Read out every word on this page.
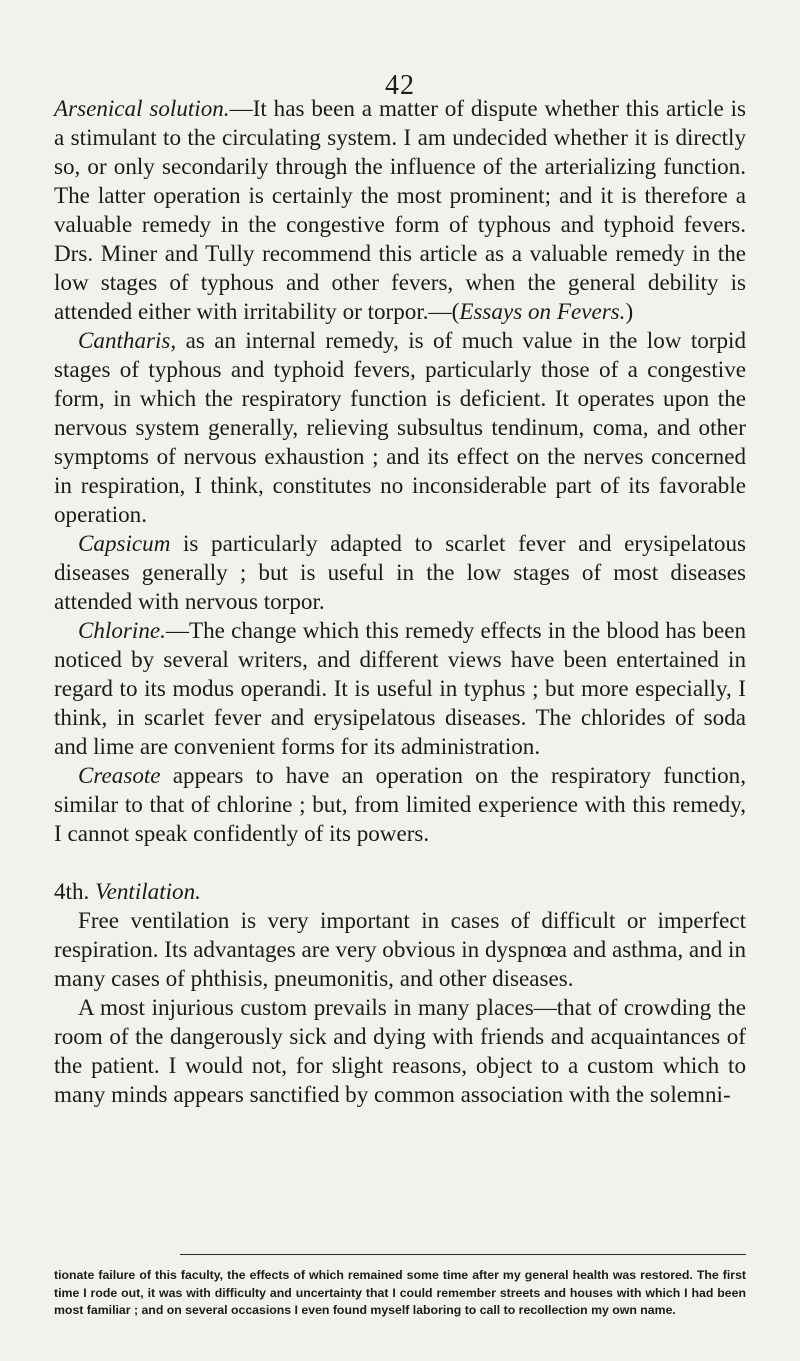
42

Arsenical solution.—It has been a matter of dispute whether this article is a stimulant to the circulating system. I am undecided whether it is directly so, or only secondarily through the influence of the arterializing function. The latter operation is certainly the most prominent; and it is therefore a valuable remedy in the congestive form of typhous and typhoid fevers. Drs. Miner and Tully recommend this article as a valuable remedy in the low stages of typhous and other fevers, when the general debility is attended either with irritability or torpor.—(Essays on Fevers.)

Cantharis, as an internal remedy, is of much value in the low torpid stages of typhous and typhoid fevers, particularly those of a congestive form, in which the respiratory function is deficient. It operates upon the nervous system generally, relieving subsultus tendinum, coma, and other symptoms of nervous exhaustion ; and its effect on the nerves concerned in respiration, I think, constitutes no inconsiderable part of its favorable operation.

Capsicum is particularly adapted to scarlet fever and erysipelatous diseases generally ; but is useful in the low stages of most diseases attended with nervous torpor.

Chlorine.—The change which this remedy effects in the blood has been noticed by several writers, and different views have been entertained in regard to its modus operandi. It is useful in typhus ; but more especially, I think, in scarlet fever and erysipelatous diseases. The chlorides of soda and lime are convenient forms for its administration.

Creasote appears to have an operation on the respiratory function, similar to that of chlorine ; but, from limited experience with this remedy, I cannot speak confidently of its powers.

4th. Ventilation.

Free ventilation is very important in cases of difficult or imperfect respiration. Its advantages are very obvious in dyspnœa and asthma, and in many cases of phthisis, pneumonitis, and other diseases.

A most injurious custom prevails in many places—that of crowding the room of the dangerously sick and dying with friends and acquaintances of the patient. I would not, for slight reasons, object to a custom which to many minds appears sanctified by common association with the solemni-

tionate failure of this faculty, the effects of which remained some time after my general health was restored. The first time I rode out, it was with difficulty and uncertainty that I could remember streets and houses with which I had been most familiar ; and on several occasions I even found myself laboring to call to recollection my own name.
